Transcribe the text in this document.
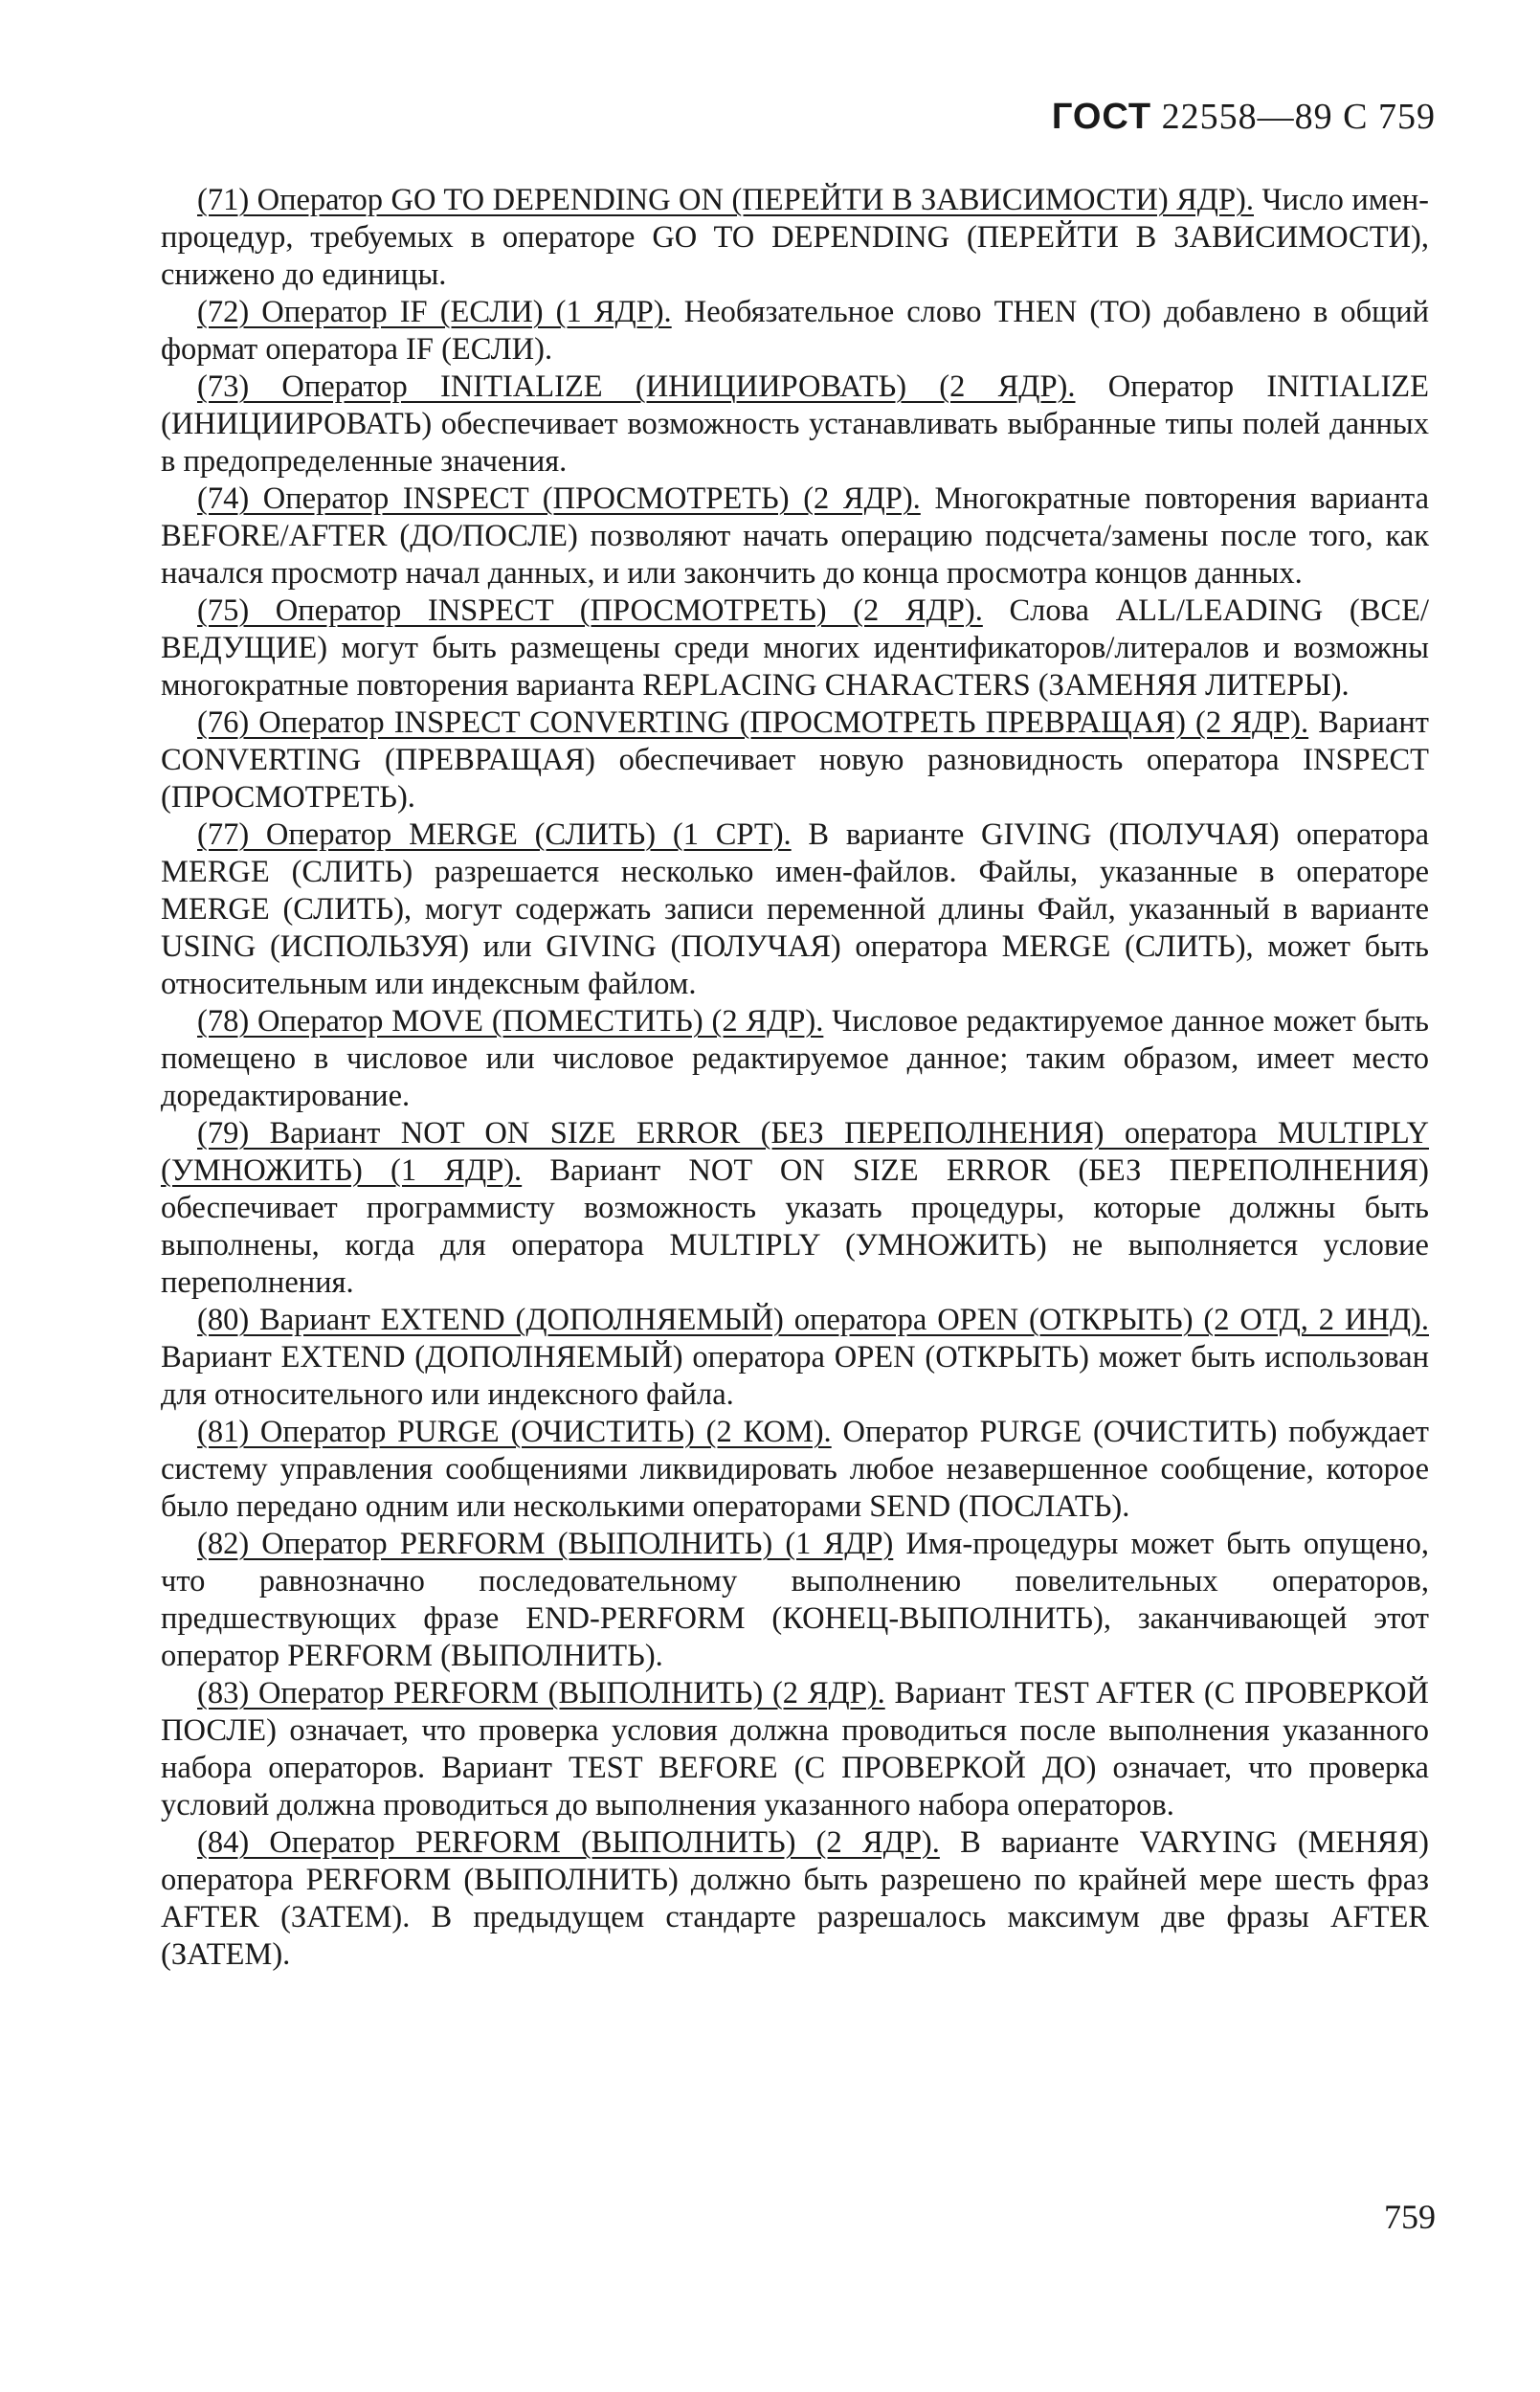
ГОСТ 22558—89 С 759

(71) Оператор GO TO DEPENDING ON (ПЕРЕЙТИ В ЗАВИСИМОСТИ) ЯДР). Число имен-процедур, требуемых в операторе GO TO DEPENDING (ПЕРЕЙТИ В ЗАВИСИМОСТИ), снижено до единицы.

(72) Оператор IF (ЕСЛИ) (1 ЯДР). Необязательное слово THEN (ТО) добавлено в общий формат оператора IF (ЕСЛИ).

(73) Оператор INITIALIZE (ИНИЦИИРОВАТЬ) (2 ЯДР). Оператор INITIALIZE (ИНИЦИИРОВАТЬ) обеспечивает возможность устанавливать выбранные типы полей данных в предопределенные значения.

(74) Оператор INSPECT (ПРОСМОТРЕТЬ) (2 ЯДР). Многократные повторения варианта BEFORE/AFTER (ДО/ПОСЛЕ) позволяют начать операцию подсчета/замены после того, как начался просмотр начал данных, и или закончить до конца просмотра концов данных.

(75) Оператор INSPECT (ПРОСМОТРЕТЬ) (2 ЯДР). Слова ALL/LEADING (ВСЕ/ВЕДУЩИЕ) могут быть размещены среди многих идентификаторов/литералов и возможны многократные повторения варианта REPLACING CHARACTERS (ЗАМЕНЯЯ ЛИТЕРЫ).

(76) Оператор INSPECT CONVERTING (ПРОСМОТРЕТЬ ПРЕВРАЩАЯ) (2 ЯДР). Вариант CONVERTING (ПРЕВРАЩАЯ) обеспечивает новую разновидность оператора INSPECT (ПРОСМОТРЕТЬ).

(77) Оператор MERGE (СЛИТЬ) (1 СРТ). В варианте GIVING (ПОЛУЧАЯ) оператора MERGE (СЛИТЬ) разрешается несколько имен-файлов. Файлы, указанные в операторе MERGE (СЛИТЬ), могут содержать записи переменной длины Файл, указанный в варианте USING (ИСПОЛЬЗУЯ) или GIVING (ПОЛУЧАЯ) оператора MERGE (СЛИТЬ), может быть относительным или индексным файлом.

(78) Оператор MOVE (ПОМЕСТИТЬ) (2 ЯДР). Числовое редактируемое данное может быть помещено в числовое или числовое редактируемое данное; таким образом, имеет место доредактирование.

(79) Вариант NOT ON SIZE ERROR (БЕЗ ПЕРЕПОЛНЕНИЯ) оператора MULTIPLY (УМНОЖИТЬ) (1 ЯДР). Вариант NOT ON SIZE ERROR (БЕЗ ПЕРЕПОЛНЕНИЯ) обеспечивает программисту возможность указать процедуры, которые должны быть выполнены, когда для оператора MULTIPLY (УМНОЖИТЬ) не выполняется условие переполнения.

(80) Вариант EXTEND (ДОПОЛНЯЕМЫЙ) оператора OPEN (ОТКРЫТЬ) (2 ОТД, 2 ИНД). Вариант EXTEND (ДОПОЛНЯЕМЫЙ) оператора OPEN (ОТКРЫТЬ) может быть использован для относительного или индексного файла.

(81) Оператор PURGE (ОЧИСТИТЬ) (2 КОМ). Оператор PURGE (ОЧИСТИТЬ) побуждает систему управления сообщениями ликвидировать любое незавершенное сообщение, которое было передано одним или несколькими операторами SEND (ПОСЛАТЬ).

(82) Оператор PERFORM (ВЫПОЛНИТЬ) (1 ЯДР) Имя-процедуры может быть опущено, что равнозначно последовательному выполнению повелительных операторов, предшествующих фразе END-PERFORM (КОНЕЦ-ВЫПОЛНИТЬ), заканчивающей этот оператор PERFORM (ВЫПОЛНИТЬ).

(83) Оператор PERFORM (ВЫПОЛНИТЬ) (2 ЯДР). Вариант TEST AFTER (С ПРОВЕРКОЙ ПОСЛЕ) означает, что проверка условия должна проводиться после выполнения указанного набора операторов. Вариант TEST BEFORE (С ПРОВЕРКОЙ ДО) означает, что проверка условий должна проводиться до выполнения указанного набора операторов.

(84) Оператор PERFORM (ВЫПОЛНИТЬ) (2 ЯДР). В варианте VARYING (МЕНЯЯ) оператора PERFORM (ВЫПОЛНИТЬ) должно быть разрешено по крайней мере шесть фраз AFTER (ЗАТЕМ). В предыдущем стандарте разрешалось максимум две фразы AFTER (ЗАТЕМ).

759
